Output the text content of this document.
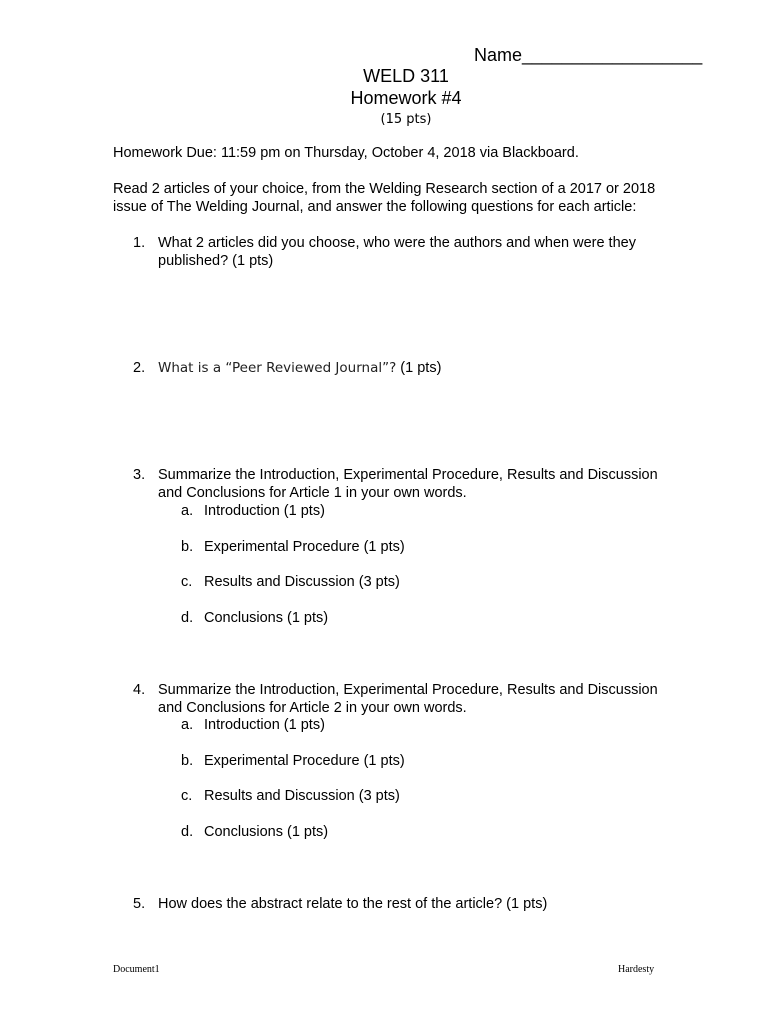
Name__________________
WELD 311
Homework #4
(15 pts)
Homework Due: 11:59 pm on Thursday, October 4, 2018 via Blackboard.
Read 2 articles of your choice, from the Welding Research section of a 2017 or 2018
issue of The Welding Journal, and answer the following questions for each article:
1. What 2 articles did you choose, who were the authors and when were they
published? (1 pts)
2. What is a “Peer Reviewed Journal”? (1 pts)
3. Summarize the Introduction, Experimental Procedure, Results and Discussion
and Conclusions for Article 1 in your own words.
a. Introduction (1 pts)
b. Experimental Procedure (1 pts)
c. Results and Discussion (3 pts)
d. Conclusions (1 pts)
4. Summarize the Introduction, Experimental Procedure, Results and Discussion
and Conclusions for Article 2 in your own words.
a. Introduction (1 pts)
b. Experimental Procedure (1 pts)
c. Results and Discussion (3 pts)
d. Conclusions (1 pts)
5. How does the abstract relate to the rest of the article? (1 pts)
Document1	Hardesty
